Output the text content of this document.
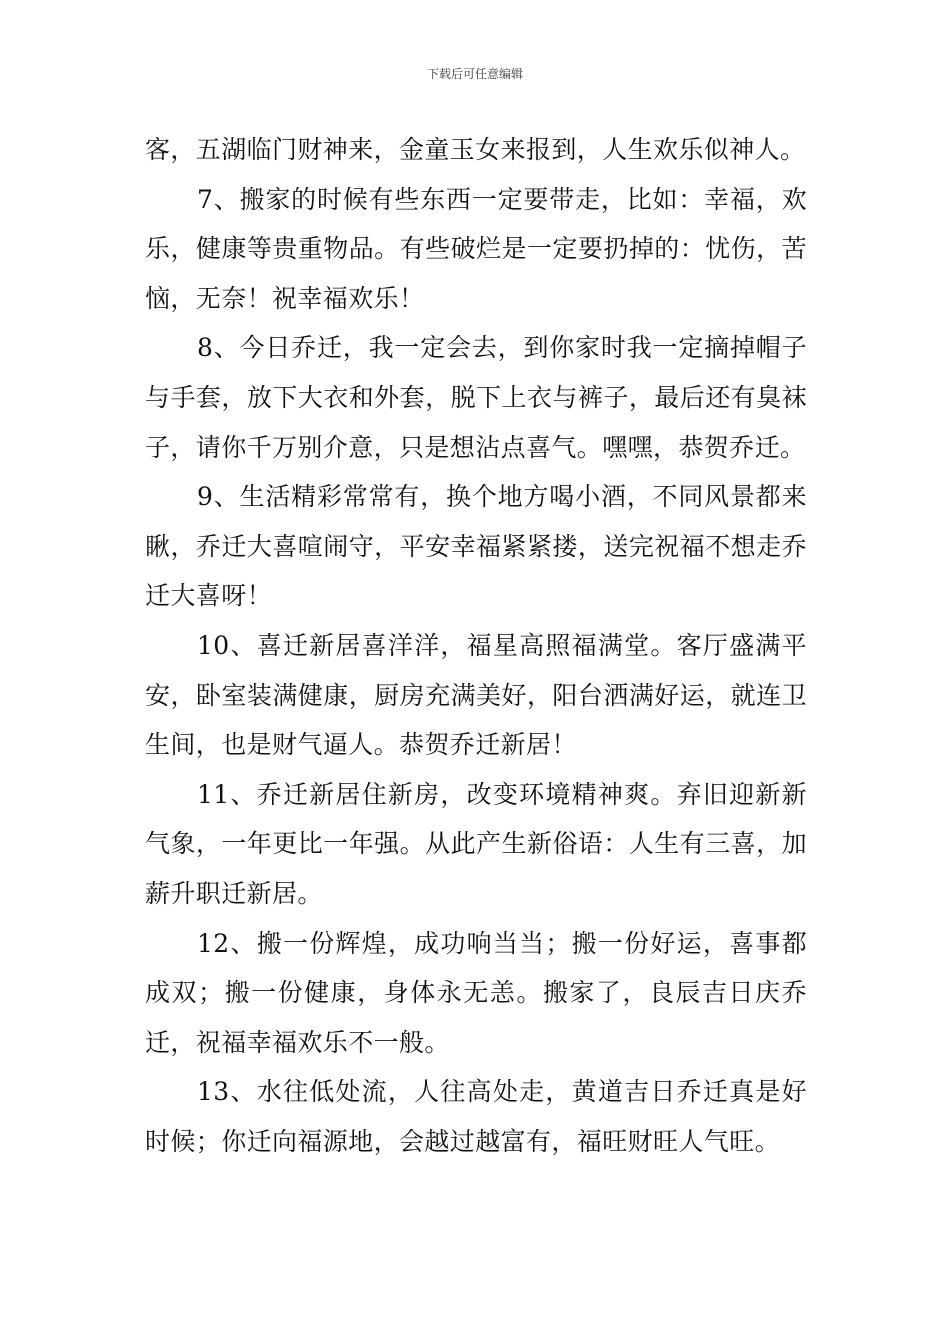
下载后可任意编辑

客，五湖临门财神来，金童玉女来报到，人生欢乐似神人。

7、搬家的时候有些东西一定要带走，比如：幸福，欢乐，健康等贵重物品。有些破烂是一定要扔掉的：忧伤，苦恼，无奈！祝幸福欢乐！

8、今日乔迁，我一定会去，到你家时我一定摘掉帽子与手套，放下大衣和外套，脱下上衣与裤子，最后还有臭袜子，请你千万别介意，只是想沾点喜气。嘿嘿，恭贺乔迁。

9、生活精彩常常有，换个地方喝小酒，不同风景都来瞅，乔迁大喜喧闹守，平安幸福紧紧搂，送完祝福不想走乔迁大喜呀！

10、喜迁新居喜洋洋，福星高照福满堂。客厅盛满平安，卧室装满健康，厨房充满美好，阳台洒满好运，就连卫生间，也是财气逼人。恭贺乔迁新居！

11、乔迁新居住新房，改变环境精神爽。弃旧迎新新气象，一年更比一年强。从此产生新俗语：人生有三喜，加薪升职迁新居。

12、搬一份辉煌，成功响当当；搬一份好运，喜事都成双；搬一份健康，身体永无恙。搬家了，良辰吉日庆乔迁，祝福幸福欢乐不一般。

13、水往低处流，人往高处走，黄道吉日乔迁真是好时候；你迁向福源地，会越过越富有，福旺财旺人气旺。
